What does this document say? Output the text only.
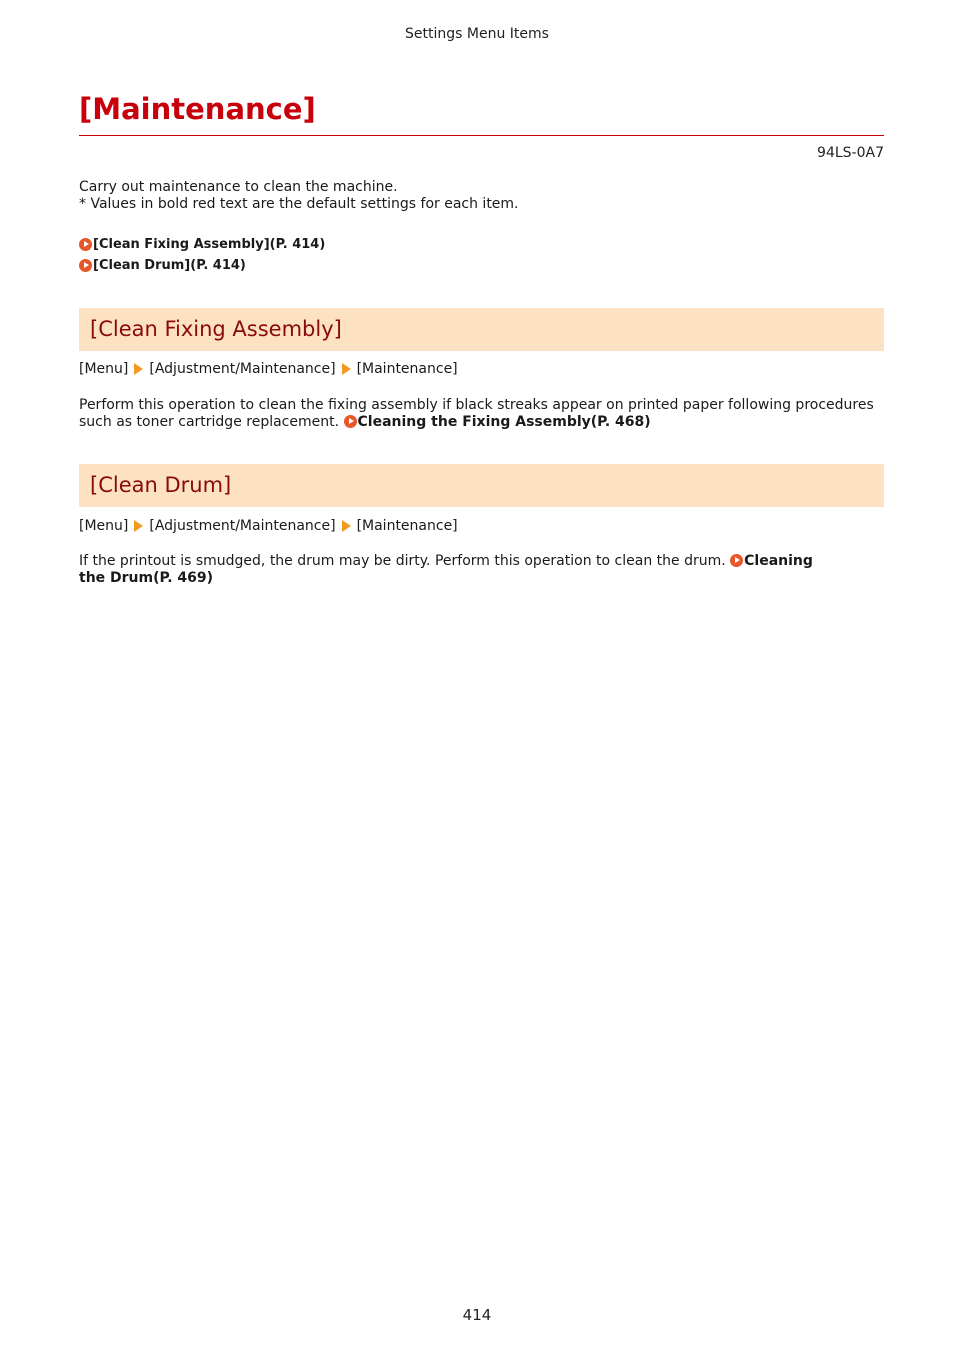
Settings Menu Items
[Maintenance]
94LS-0A7
Carry out maintenance to clean the machine.
* Values in bold red text are the default settings for each item.
[Clean Fixing Assembly](P. 414)
[Clean Drum](P. 414)
[Clean Fixing Assembly]
[Menu] [Adjustment/Maintenance] [Maintenance]
Perform this operation to clean the fixing assembly if black streaks appear on printed paper following procedures such as toner cartridge replacement. Cleaning the Fixing Assembly(P. 468)
[Clean Drum]
[Menu] [Adjustment/Maintenance] [Maintenance]
If the printout is smudged, the drum may be dirty. Perform this operation to clean the drum. Cleaning the Drum(P. 469)
414
